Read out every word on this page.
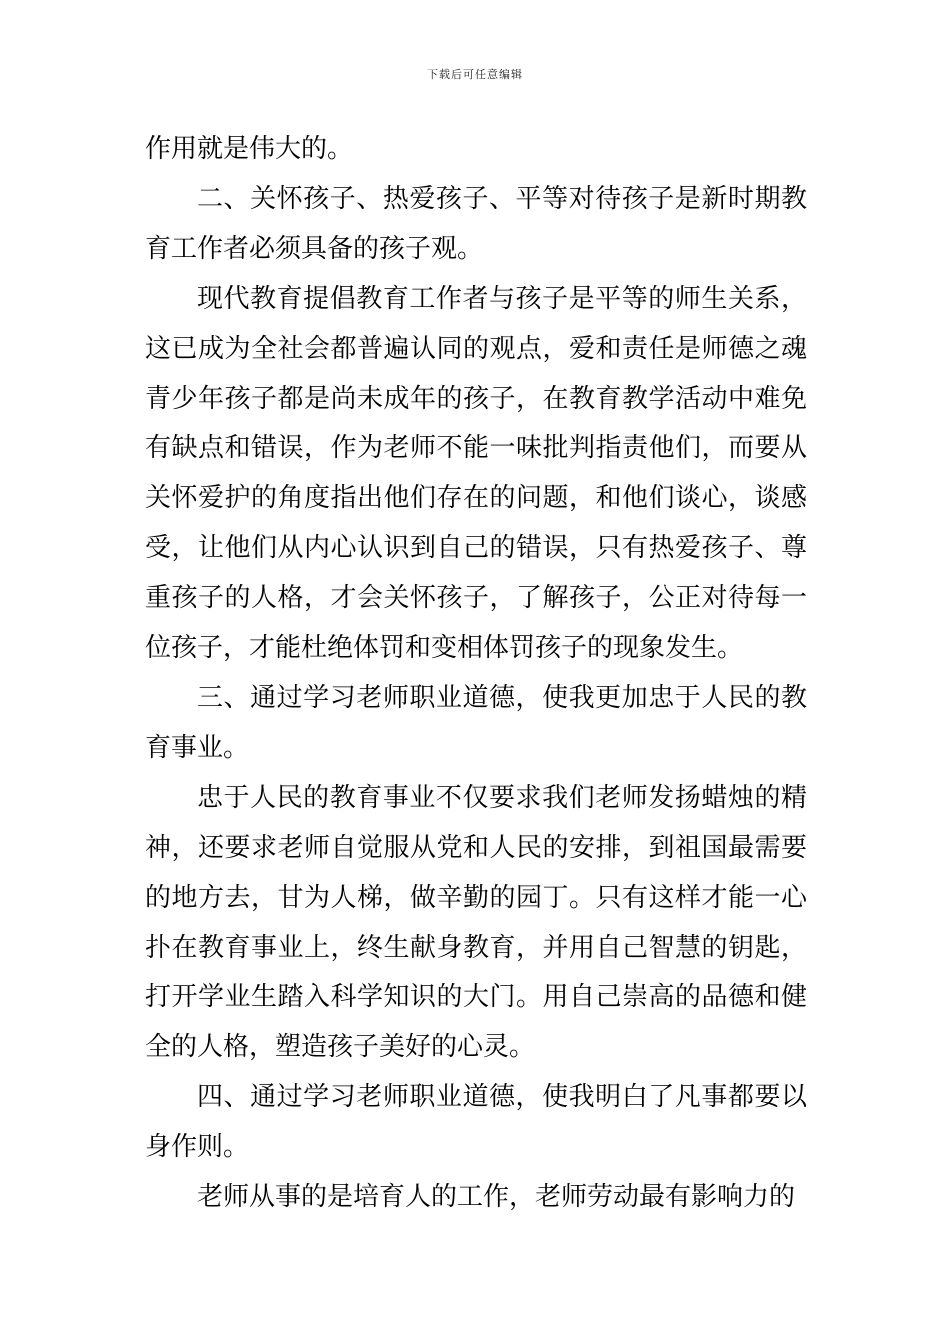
下载后可任意编辑

作用就是伟大的。

二、关怀孩子、热爱孩子、平等对待孩子是新时期教育工作者必须具备的孩子观。

现代教育提倡教育工作者与孩子是平等的师生关系，这已成为全社会都普遍认同的观点，爱和责任是师德之魂青少年孩子都是尚未成年的孩子，在教育教学活动中难免有缺点和错误，作为老师不能一味批判指责他们，而要从关怀爱护的角度指出他们存在的问题，和他们谈心，谈感受，让他们从内心认识到自己的错误，只有热爱孩子、尊重孩子的人格，才会关怀孩子，了解孩子，公正对待每一位孩子，才能杜绝体罚和变相体罚孩子的现象发生。

三、通过学习老师职业道德，使我更加忠于人民的教育事业。

忠于人民的教育事业不仅要求我们老师发扬蜡烛的精神，还要求老师自觉服从党和人民的安排，到祖国最需要的地方去，甘为人梯，做辛勤的园丁。只有这样才能一心扑在教育事业上，终生献身教育，并用自己智慧的钥匙，打开学业生踏入科学知识的大门。用自己崇高的品德和健全的人格，塑造孩子美好的心灵。

四、通过学习老师职业道德，使我明白了凡事都要以身作则。

老师从事的是培育人的工作，老师劳动最有影响力的
